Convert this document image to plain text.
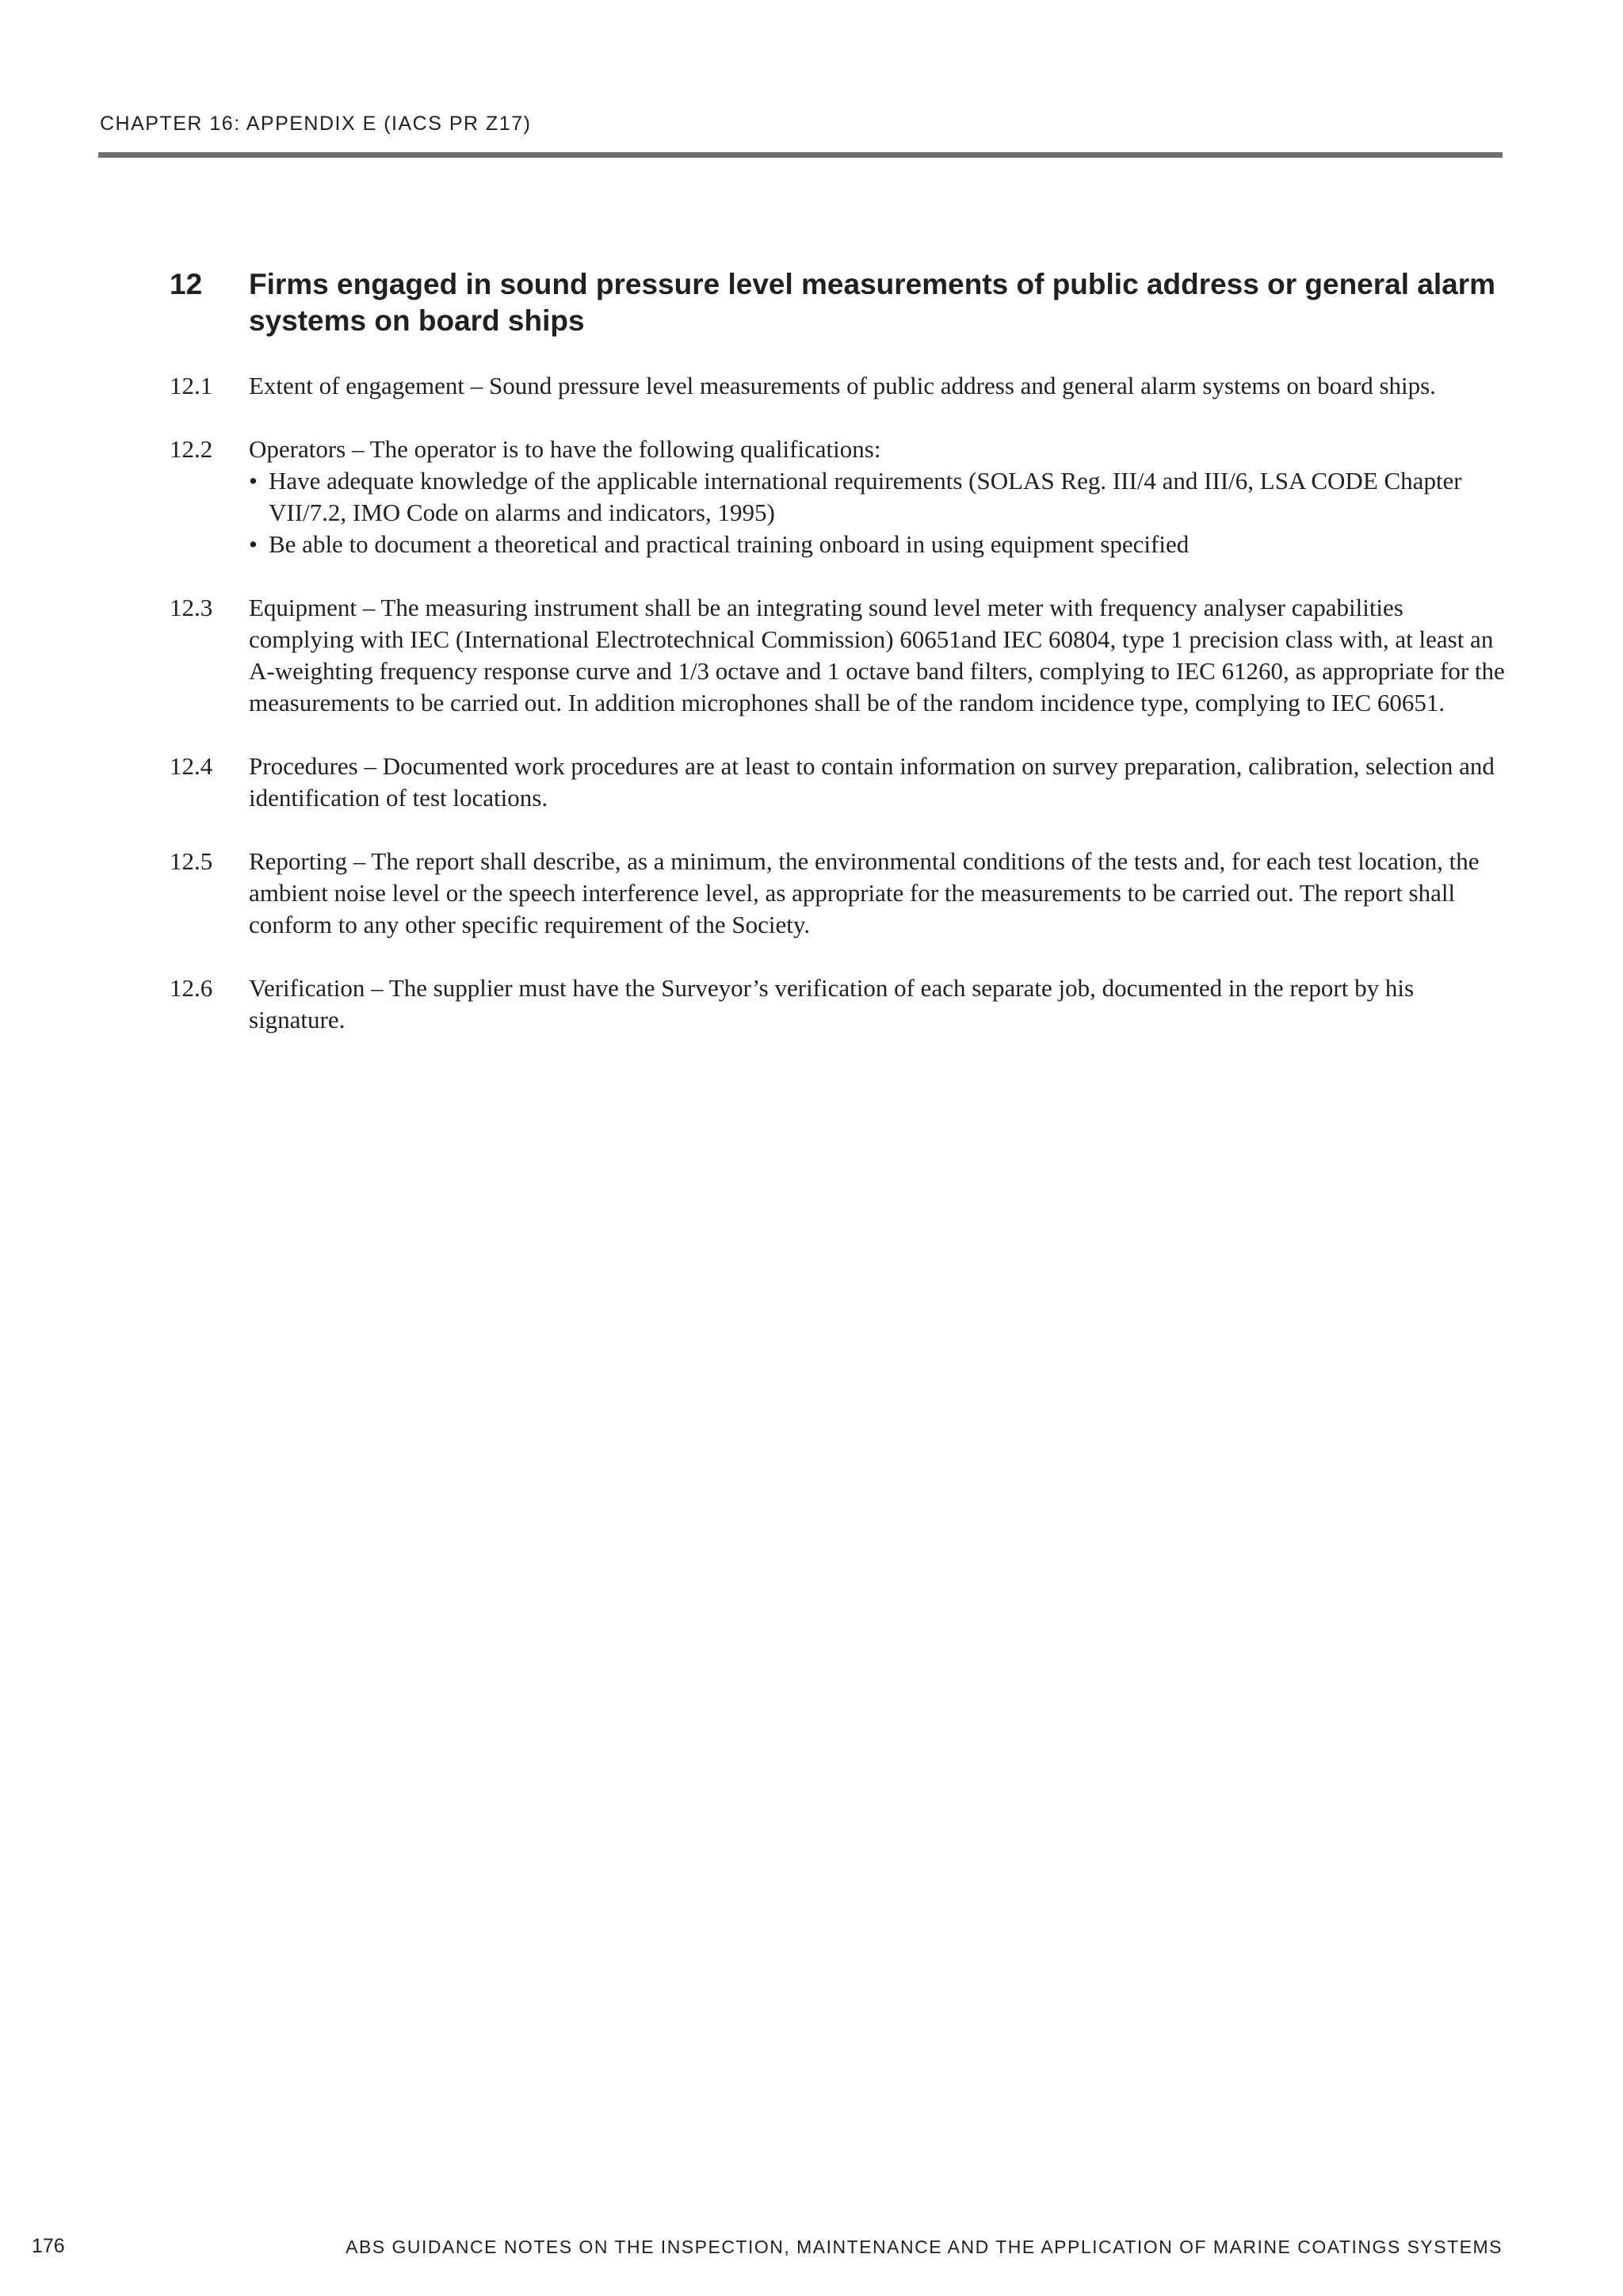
CHAPTER 16: APPENDIX E (IACS PR Z17)
12	Firms engaged in sound pressure level measurements of public address or general alarm systems on board ships
12.1 Extent of engagement – Sound pressure level measurements of public address and general alarm systems on board ships.
12.2 Operators – The operator is to have the following qualifications:
• Have adequate knowledge of the applicable international requirements (SOLAS Reg. III/4 and III/6, LSA CODE Chapter VII/7.2, IMO Code on alarms and indicators, 1995)
• Be able to document a theoretical and practical training onboard in using equipment specified
12.3 Equipment – The measuring instrument shall be an integrating sound level meter with frequency analyser capabilities complying with IEC (International Electrotechnical Commission) 60651and IEC 60804, type 1 precision class with, at least an A-weighting frequency response curve and 1/3 octave and 1 octave band filters, complying to IEC 61260, as appropriate for the measurements to be carried out. In addition microphones shall be of the random incidence type, complying to IEC 60651.
12.4 Procedures – Documented work procedures are at least to contain information on survey preparation, calibration, selection and identification of test locations.
12.5 Reporting – The report shall describe, as a minimum, the environmental conditions of the tests and, for each test location, the ambient noise level or the speech interference level, as appropriate for the measurements to be carried out. The report shall conform to any other specific requirement of the Society.
12.6 Verification – The supplier must have the Surveyor’s verification of each separate job, documented in the report by his signature.
176	ABS GUIDANCE NOTES ON THE INSPECTION, MAINTENANCE AND THE APPLICATION OF MARINE COATINGS SYSTEMS
